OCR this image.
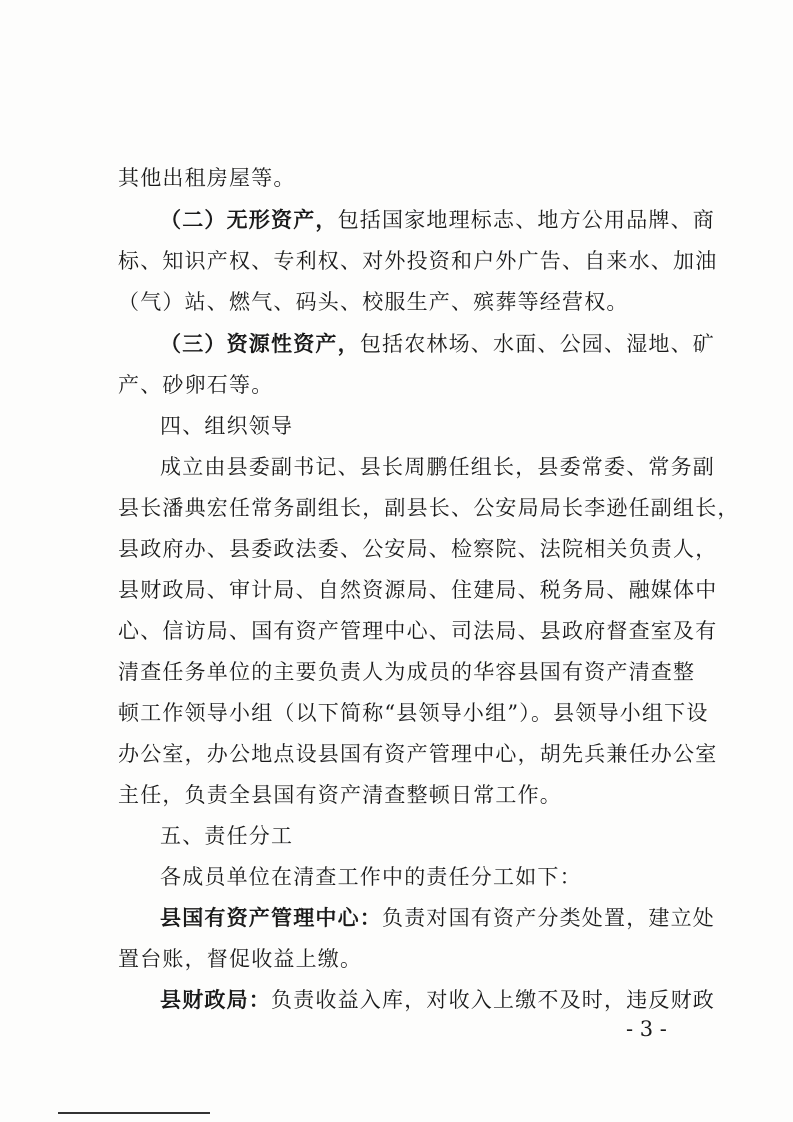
其他出租房屋等。
（二）无形资产，包括国家地理标志、地方公用品牌、商
标、知识产权、专利权、对外投资和户外广告、自来水、加油
（气）站、燃气、码头、校服生产、殡葬等经营权。
（三）资源性资产，包括农林场、水面、公园、湿地、矿
产、砂卵石等。
四、组织领导
成立由县委副书记、县长周鹏任组长，县委常委、常务副
县长潘典宏任常务副组长，副县长、公安局局长李逊任副组长，
县政府办、县委政法委、公安局、检察院、法院相关负责人，
县财政局、审计局、自然资源局、住建局、税务局、融媒体中
心、信访局、国有资产管理中心、司法局、县政府督查室及有
清查任务单位的主要负责人为成员的华容县国有资产清查整
顿工作领导小组（以下简称“县领导小组”）。县领导小组下设
办公室，办公地点设县国有资产管理中心，胡先兵兼任办公室
主任，负责全县国有资产清查整顿日常工作。
五、责任分工
各成员单位在清查工作中的责任分工如下：
县国有资产管理中心：负责对国有资产分类处置，建立处
置台账，督促收益上缴。
县财政局：负责收益入库，对收入上缴不及时，违反财政
- 3 -
